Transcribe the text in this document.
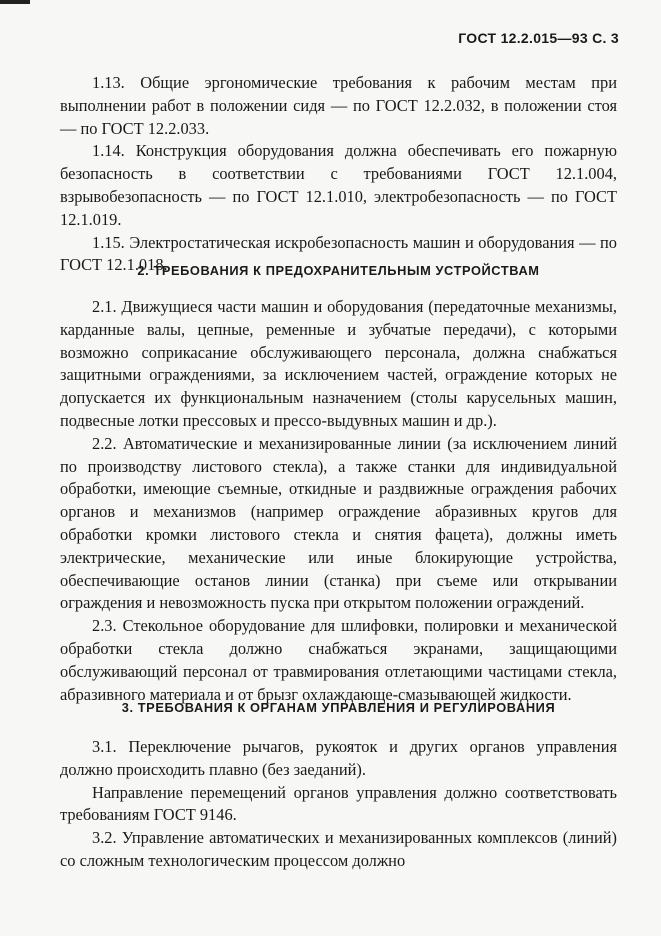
ГОСТ 12.2.015—93 С. 3

1.13. Общие эргономические требования к рабочим местам при выполнении работ в положении сидя — по ГОСТ 12.2.032, в положении стоя — по ГОСТ 12.2.033.

1.14. Конструкция оборудования должна обеспечивать его пожарную безопасность в соответствии с требованиями ГОСТ 12.1.004, взрывобезопасность — по ГОСТ 12.1.010, электробезопасность — по ГОСТ 12.1.019.

1.15. Электростатическая искробезопасность машин и оборудования — по ГОСТ 12.1.018.

2. ТРЕБОВАНИЯ К ПРЕДОХРАНИТЕЛЬНЫМ УСТРОЙСТВАМ

2.1. Движущиеся части машин и оборудования (передаточные механизмы, карданные валы, цепные, ременные и зубчатые передачи), с которыми возможно соприкасание обслуживающего персонала, должна снабжаться защитными ограждениями, за исключением частей, ограждение которых не допускается их функциональным назначением (столы карусельных машин, подвесные лотки прессовых и прессо-выдувных машин и др.).

2.2. Автоматические и механизированные линии (за исключением линий по производству листового стекла), а также станки для индивидуальной обработки, имеющие съемные, откидные и раздвижные ограждения рабочих органов и механизмов (например ограждение абразивных кругов для обработки кромки листового стекла и снятия фацета), должны иметь электрические, механические или иные блокирующие устройства, обеспечивающие останов линии (станка) при съеме или открывании ограждения и невозможность пуска при открытом положении ограждений.

2.3. Стекольное оборудование для шлифовки, полировки и механической обработки стекла должно снабжаться экранами, защищающими обслуживающий персонал от травмирования отлетающими частицами стекла, абразивного материала и от брызг охлаждающе-смазывающей жидкости.

3. ТРЕБОВАНИЯ К ОРГАНАМ УПРАВЛЕНИЯ И РЕГУЛИРОВАНИЯ

3.1. Переключение рычагов, рукояток и других органов управления должно происходить плавно (без заеданий).

Направление перемещений органов управления должно соответствовать требованиям ГОСТ 9146.

3.2. Управление автоматических и механизированных комплексов (линий) со сложным технологическим процессом должно
